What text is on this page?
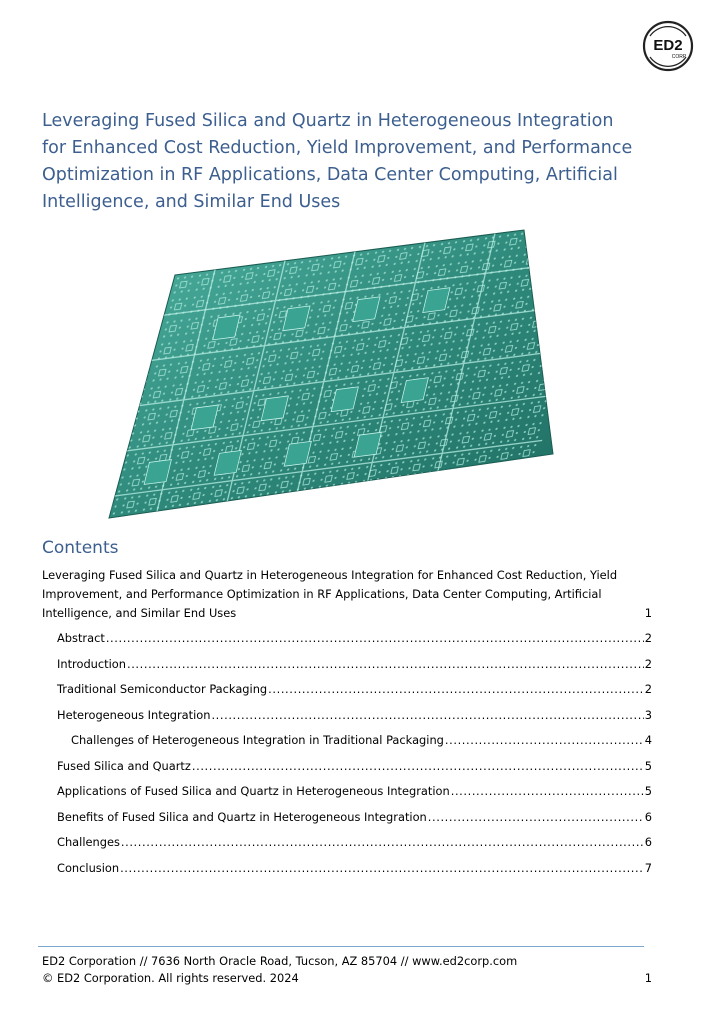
ED2
CORP
Leveraging Fused Silica and Quartz in Heterogeneous Integration for Enhanced Cost Reduction, Yield Improvement, and Performance Optimization in RF Applications, Data Center Computing, Artificial Intelligence, and Similar End Uses
Contents
Leveraging Fused Silica and Quartz in Heterogeneous Integration for Enhanced Cost Reduction, Yield Improvement, and Performance Optimization in RF Applications, Data Center Computing, Artificial Intelligence, and Similar End Uses	1
Abstract .....	2
Introduction .....	2
Traditional Semiconductor Packaging .....	2
Heterogeneous Integration .....	3
Challenges of Heterogeneous Integration in Traditional Packaging .....	4
Fused Silica and Quartz .....	5
Applications of Fused Silica and Quartz in Heterogeneous Integration .....	5
Benefits of Fused Silica and Quartz in Heterogeneous Integration .....	6
Challenges .....	6
Conclusion .....	7
ED2 Corporation // 7636 North Oracle Road, Tucson, AZ 85704 // www.ed2corp.com
© ED2 Corporation. All rights reserved. 2024	1
